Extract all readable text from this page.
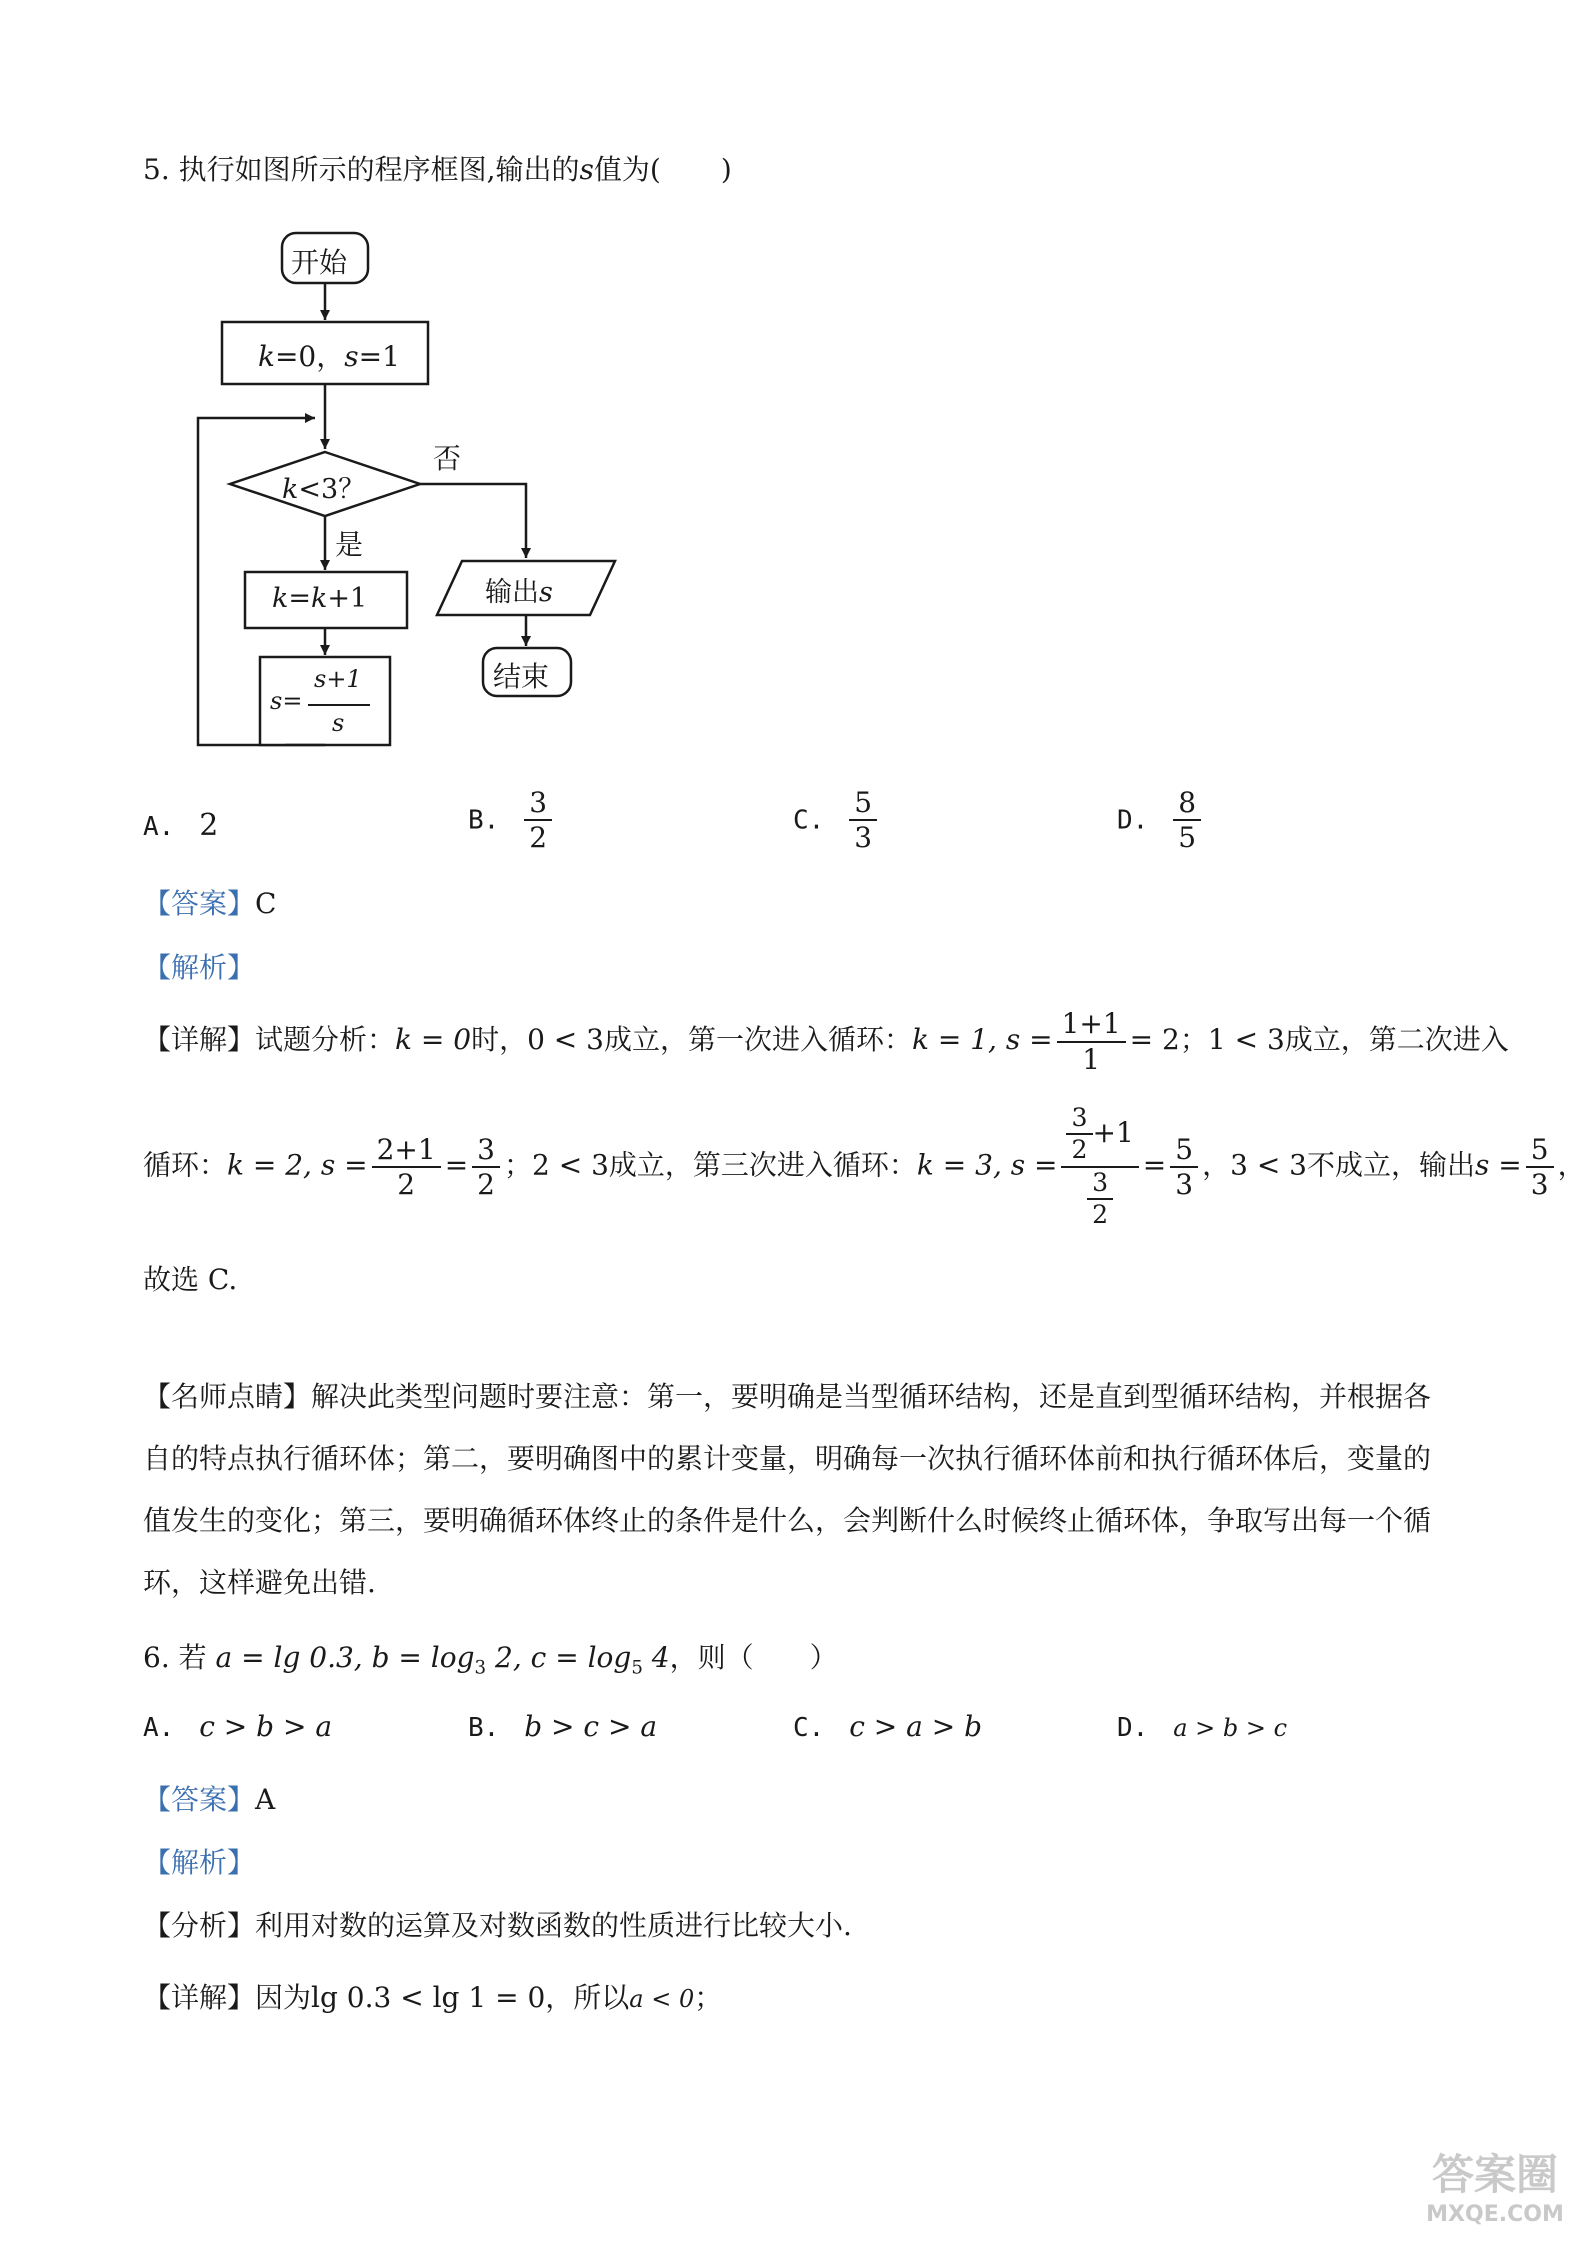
5. 执行如图所示的程序框图,输出的s值为( )
开始
k=0，s=1
k<3？
否
是
k=k+1
s=
s+1
s
输出s
结束
A. 2	B. $\frac{3}{2}$	C. $\frac{5}{3}$	D. $\frac{8}{5}$
【答案】C
【解析】
【详解】试题分析：k = 0时，0 < 3成立，第一次进入循环：k = 1, $s = \frac{1+1}{1} = 2$；1 < 3成立，第二次进入
循环：k = 2, $s = \frac{2+1}{2} = \frac{3}{2}$ ；2 < 3成立，第三次进入循环：k = 3, $s = \frac{\frac{3}{2} +1}{\frac{3}{2}} = \frac{5}{3}$ ，3 < 3不成立，输出$s = \frac{5}{3}$ ，
故选 C.
【名师点睛】解决此类型问题时要注意：第一，要明确是当型循环结构，还是直到型循环结构，并根据各自的特点执行循环体；第二，要明确图中的累计变量，明确每一次执行循环体前和执行循环体后，变量的值发生的变化；第三，要明确循环体终止的条件是什么，会判断什么时候终止循环体，争取写出每一个循环，这样避免出错.
6. 若 a = lg 0.3, $b = \log_3 2$, $c = \log_5 4$，则（　　）
A. c > b > a	B. b > c > a	C. c > a > b	D. a > b > c
【答案】A
【解析】
【分析】利用对数的运算及对数函数的性质进行比较大小.
【详解】因为lg 0.3 < lg 1 = 0，所以a < 0；
答案圈
MXQE.COM
